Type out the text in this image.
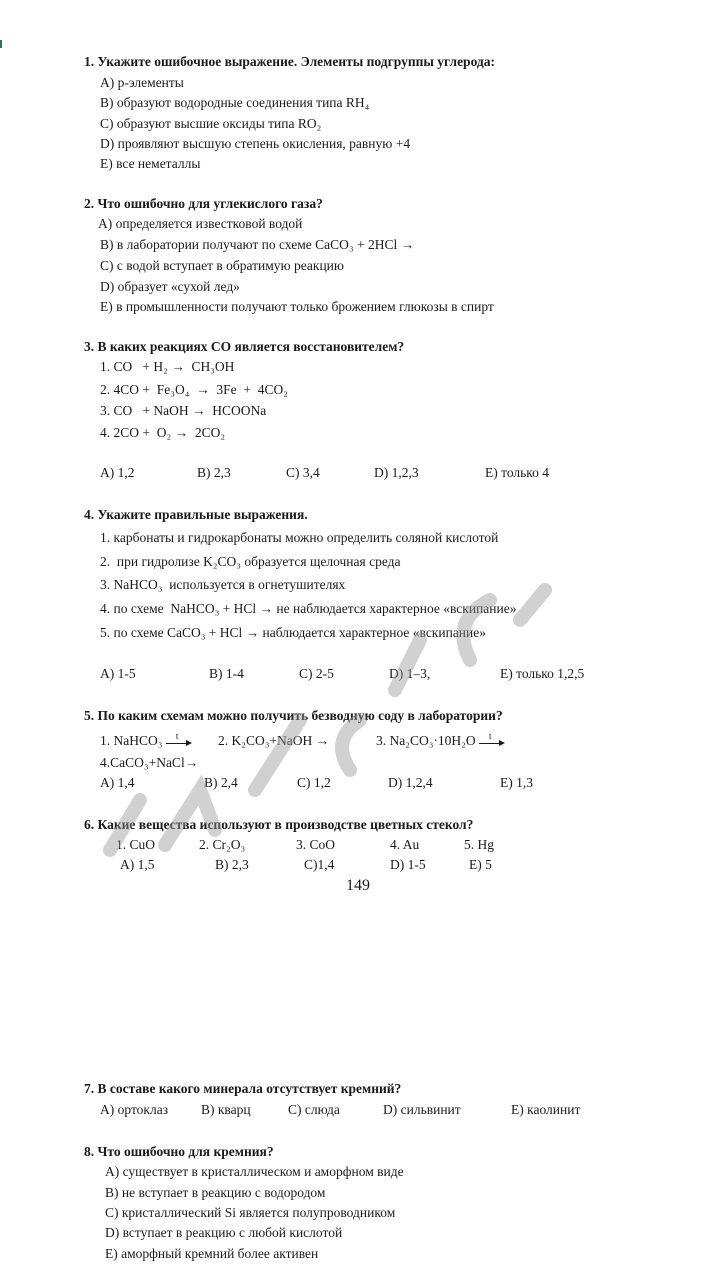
1. Укажите ошибочное выражение. Элементы подгруппы углерода:
A) р-элементы
B) образуют водородные соединения типа RH₄
C) образуют высшие оксиды типа RO₂
D) проявляют высшую степень окисления, равную +4
E) все неметаллы
2. Что ошибочно для углекислого газа?
A) определяется известковой водой
B) в лаборатории получают по схеме CaCO₃ + 2HCl →
C) с водой вступает в обратимую реакцию
D) образует «сухой лед»
E) в промышленности получают только брожением глюкозы в спирт
3. В каких реакциях CO является восстановителем?
1. CO   + H₂ →  CH₃OH
2. 4CO +  Fe₃O₄  →  3Fe  +  4CO₂
3. CO   + NaOH →  HCOONa
4. 2CO +  O₂ →  2CO₂
A) 1,2	B) 2,3	C) 3,4	D) 1,2,3	E) только 4
4. Укажите правильные выражения.
1. карбонаты и гидрокарбонаты можно определить соляной кислотой
2.  при гидролизе K₂CO₃ образуется щелочная среда
3. NaHCO₃  используется в огнетушителях
4. по схеме  NaHCO₃ + HCl → не наблюдается характерное «вскипание»
5. по схеме CaCO₃ + HCl → наблюдается характерное «вскипание»
A) 1-5	B) 1-4	C) 2-5	D) 1–3,	E) только 1,2,5
5. По каким схемам можно получить безводную соду в лаборатории?
1. NaHCO₃ t	2. K₂CO₃+NaOH →	3. Na₂CO₃·10H₂O t
4.CaCO₃+NaCl→
A) 1,4	B) 2,4	C) 1,2	D) 1,2,4	E) 1,3
6. Какие вещества используют в производстве цветных стекол?
1. CuO	2. Cr₂O₃	3. CoO	4. Au	5. Hg
A) 1,5	B) 2,3	C)1,4	D) 1-5	E) 5
149
7. В составе какого минерала отсутствует кремний?
A) ортоклаз B) кварц	C) слюда	D) сильвинит	E) каолинит
8. Что ошибочно для кремния?
A) существует в кристаллическом и аморфном виде
B) не вступает в реакцию с водородом
C) кристаллический Si является полупроводником
D) вступает в реакцию с любой кислотой
E) аморфный кремний более активен
